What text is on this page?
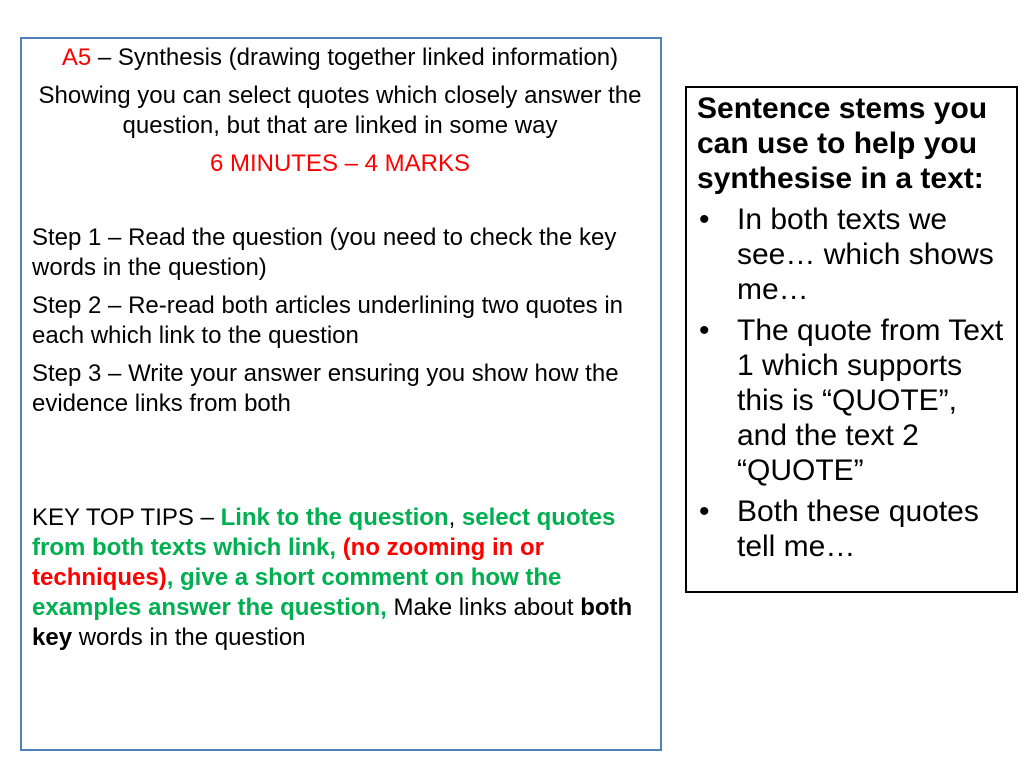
A5 – Synthesis (drawing together linked information)

Showing you can select quotes which closely answer the question, but that are linked in some way

6 MINUTES – 4 MARKS

Step 1 – Read the question (you need to check the key words in the question)

Step 2 – Re-read both articles underlining two quotes in each which link to the question

Step 3 – Write your answer ensuring you show how the evidence links from both

KEY TOP TIPS – Link to the question, select quotes from both texts which link, (no zooming in or techniques), give a short comment on how the examples answer the question, Make links about both key words in the question

Sentence stems you can use to help you synthesise in a text:

• In both texts we see… which shows me…
• The quote from Text 1 which supports this is “QUOTE”, and the text 2 “QUOTE”
• Both these quotes tell me…
